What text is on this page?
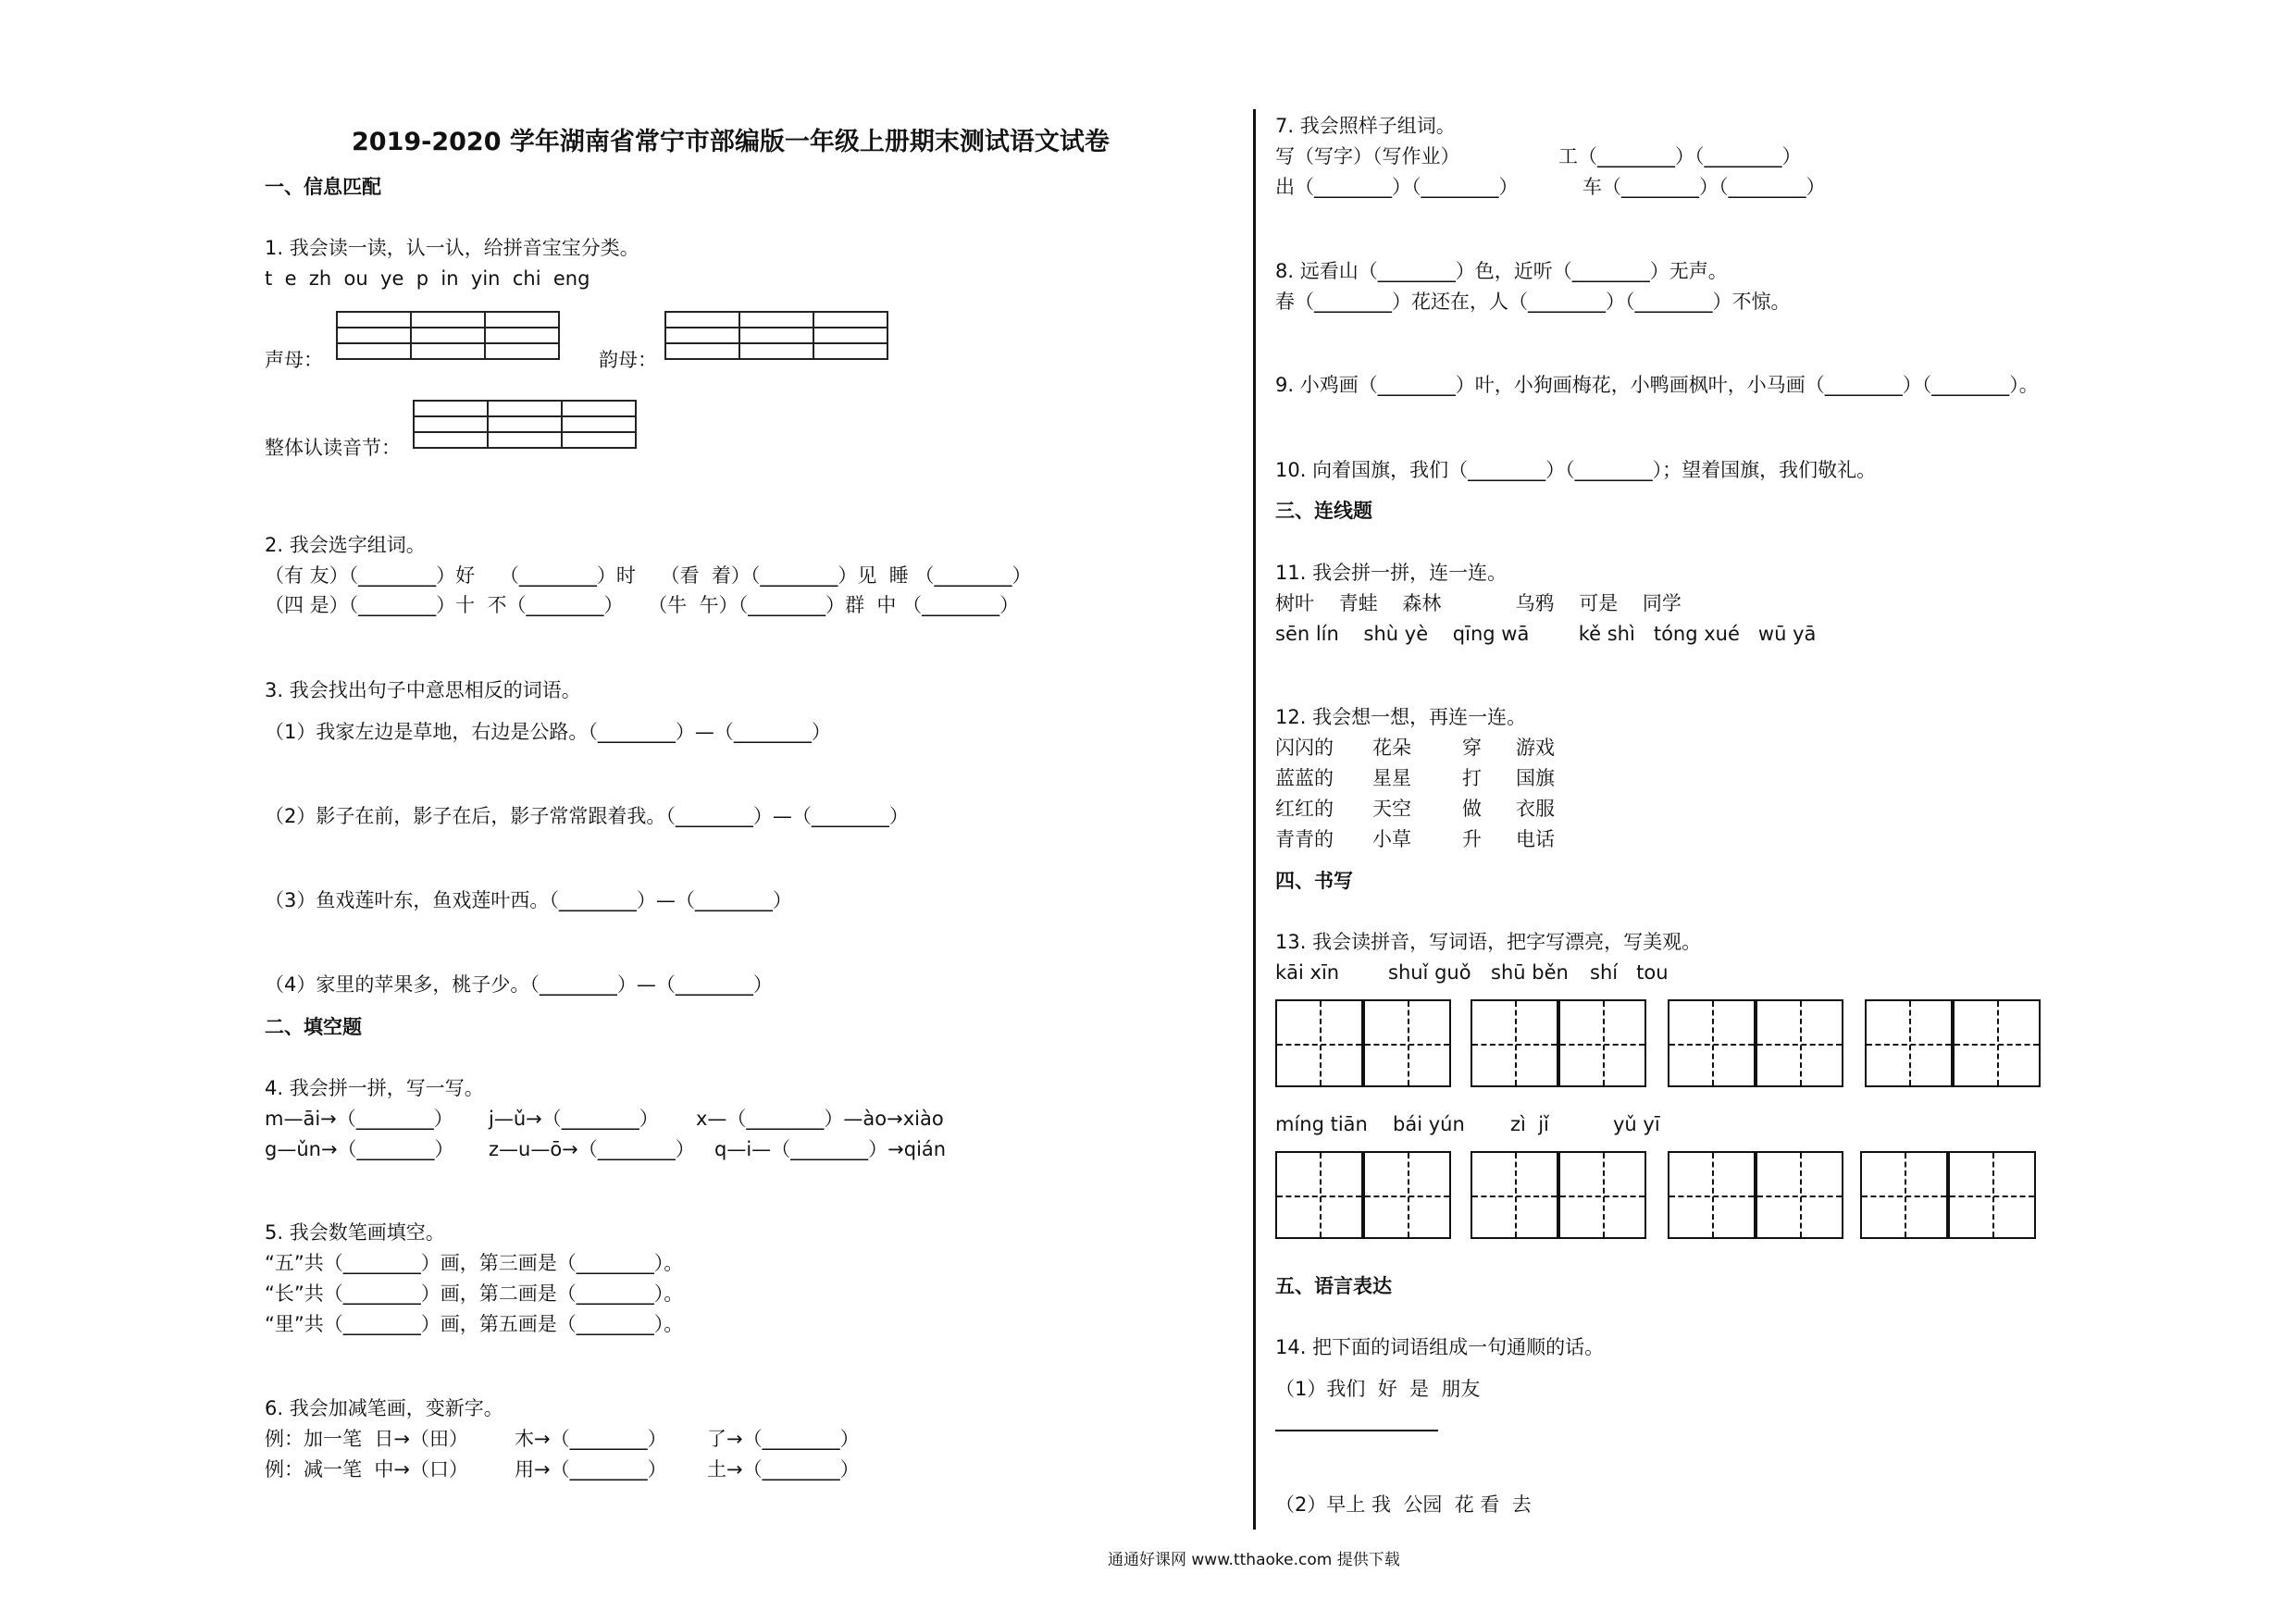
2019-2020 学年湖南省常宁市部编版一年级上册期末测试语文试卷
一、信息匹配
1. 我会读一读，认一认，给拼音宝宝分类。
t  e  zh  ou  ye  p  in  yin  chi  eng
声母：

			韵母：

整体认读音节：

2. 我会选字组词。
（有 友）（________）好    （________）时    （看  着）（________）见  睡 （________）
（四 是）（________）十  不（________）    （牛  午）（________）群  中 （________）
3. 我会找出句子中意思相反的词语。
（1）我家左边是草地，右边是公路。（________）—（________）
（2）影子在前，影子在后，影子常常跟着我。（________）—（________）
（3）鱼戏莲叶东，鱼戏莲叶西。（________）—（________）
（4）家里的苹果多，桃子少。（________）—（________）
二、填空题
4. 我会拼一拼，写一写。
m—āi→（________） j—ǔ→（________） x—（________）—ào→xiào
g—ǔn→（________） z—u—ō→（________） q—i—（________）→qián
5. 我会数笔画填空。
“五”共（________）画，第三画是（________）。
“长”共（________）画，第二画是（________）。
“里”共（________）画，第五画是（________）。
6. 我会加减笔画，变新字。
例：加一笔  日→（田） 木→（________） 了→（________）
例：减一笔  中→（口） 用→（________） 土→（________）
7. 我会照样子组词。
写（写字）（写作业）	工（________）（________）
出（________）（________）	车（________）（________）
8. 远看山（________）色，近听（________）无声。
春（________）花还在，人（________）（________）不惊。
9. 小鸡画（________）叶，小狗画梅花，小鸭画枫叶，小马画（________）（________）。
10. 向着国旗，我们（________）（________）；望着国旗，我们敬礼。
三、连线题
11. 我会拼一拼，连一连。
树叶    青蛙    森林            乌鸦    可是    同学
sēn lín    shù yè    qīng wā        kě shì   tóng xué   wū yā
12. 我会想一想，再连一连。
闪闪的 花朵	穿 游戏
蓝蓝的 星星	打 国旗
红红的 天空	做 衣服
青青的 小草	升 电话
四、书写
13. 我会读拼音，写词语，把字写漂亮，写美观。
kāi xīn	shuǐ guǒ shū běn shí   tou
míng tiān bái yún zì  jǐ	yǔ yī
五、语言表达
14. 把下面的词语组成一句通顺的话。
（1）我们  好  是  朋友
（2）早上 我  公园  花 看  去
通通好课网 www.tthaoke.com 提供下载
